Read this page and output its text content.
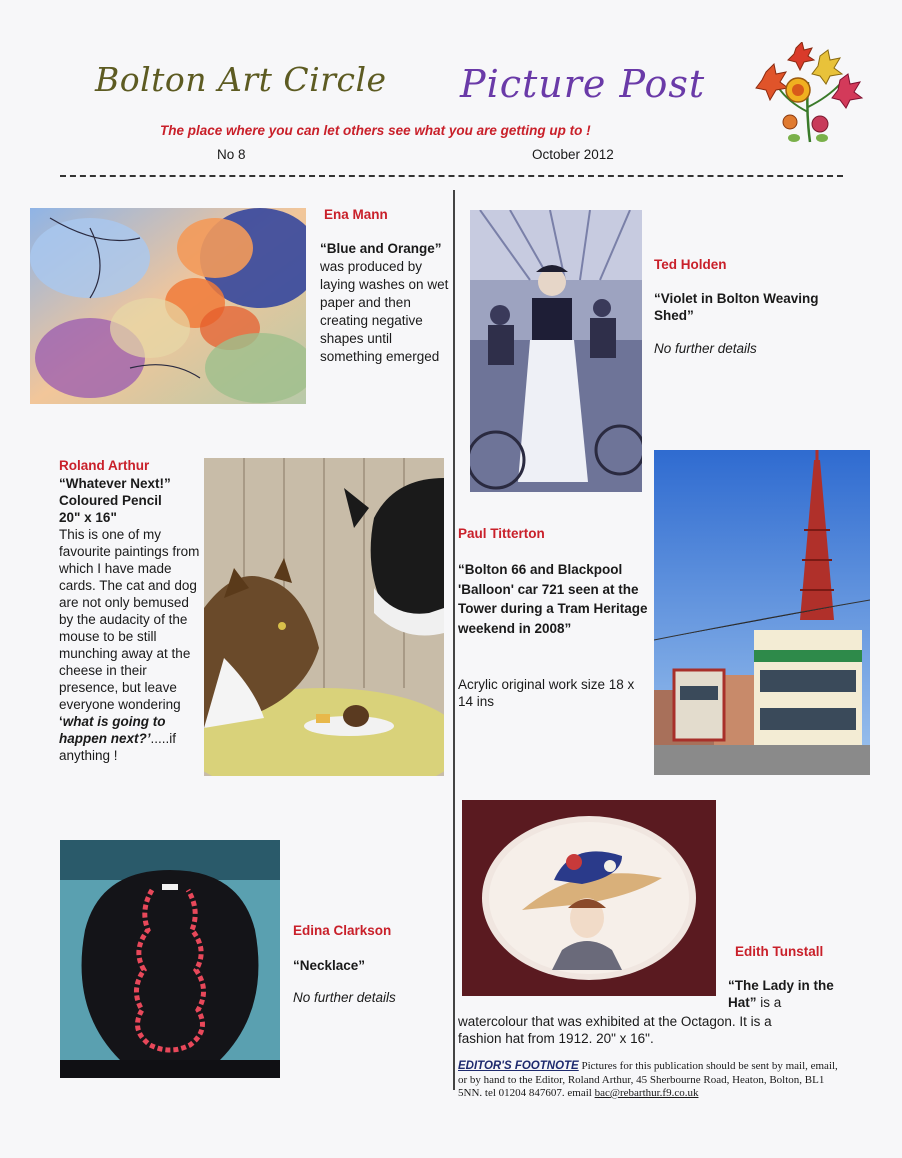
Bolton Art Circle Picture Post
The place where you can let others see what you are getting up to !
No 8	October 2012
Ena Mann
“Blue and Orange” was produced by laying washes on wet paper and then creating negative shapes until something emerged
Ted Holden
“Violet in Bolton Weaving Shed”
No further details
Roland Arthur
“Whatever Next!”
Coloured Pencil
20" x 16"
This is one of my favourite paintings from which I have made cards. The cat and dog are not only bemused by the audacity of the mouse to be still munching away at the cheese in their presence, but leave everyone wondering ‘what is going to happen next?’.....if anything !
Paul Titterton
“Bolton 66 and Blackpool 'Balloon' car 721 seen at the Tower during a Tram Heritage weekend in 2008”
Acrylic original work size 18 x 14 ins
Edina Clarkson
“Necklace”
No further details
Edith Tunstall
“The Lady in the Hat” is a
watercolour that was exhibited at the Octagon. It is a fashion hat from 1912. 20" x 16".
EDITOR'S FOOTNOTE Pictures for this publication should be sent by mail, email, or by hand to the Editor, Roland Arthur, 45 Sherbourne Road, Heaton, Bolton, BL1 5NN. tel 01204 847607. email bac@rebarthur.f9.co.uk
